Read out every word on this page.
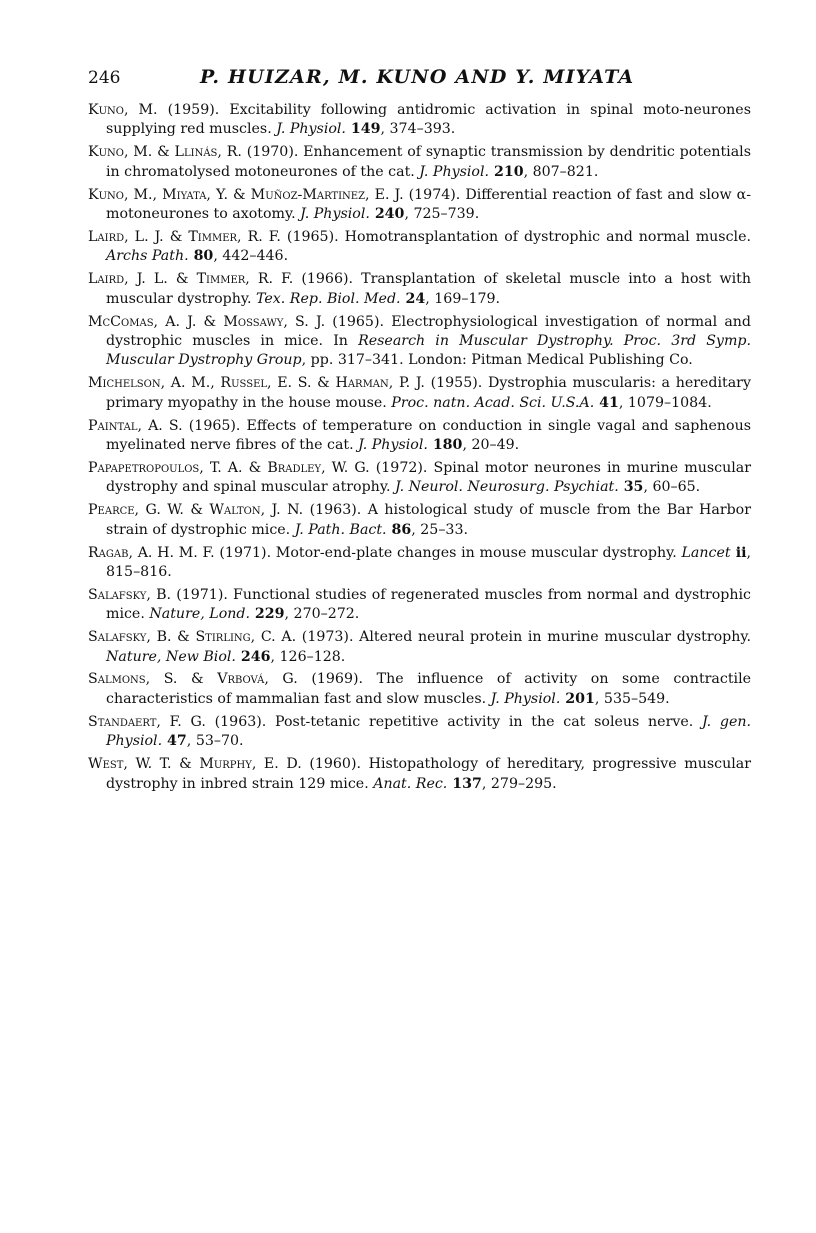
246	P. HUIZAR, M. KUNO AND Y. MIYATA

Kuno, M. (1959). Excitability following antidromic activation in spinal moto-neurones supplying red muscles. J. Physiol. 149, 374–393.

Kuno, M. & Llinás, R. (1970). Enhancement of synaptic transmission by dendritic potentials in chromatolysed motoneurones of the cat. J. Physiol. 210, 807–821.

Kuno, M., Miyata, Y. & Muñoz-Martinez, E. J. (1974). Differential reaction of fast and slow α-motoneurones to axotomy. J. Physiol. 240, 725–739.

Laird, L. J. & Timmer, R. F. (1965). Homotransplantation of dystrophic and normal muscle. Archs Path. 80, 442–446.

Laird, J. L. & Timmer, R. F. (1966). Transplantation of skeletal muscle into a host with muscular dystrophy. Tex. Rep. Biol. Med. 24, 169–179.

McComas, A. J. & Mossawy, S. J. (1965). Electrophysiological investigation of normal and dystrophic muscles in mice. In Research in Muscular Dystrophy. Proc. 3rd Symp. Muscular Dystrophy Group, pp. 317–341. London: Pitman Medical Publishing Co.

Michelson, A. M., Russel, E. S. & Harman, P. J. (1955). Dystrophia muscularis: a hereditary primary myopathy in the house mouse. Proc. natn. Acad. Sci. U.S.A. 41, 1079–1084.

Paintal, A. S. (1965). Effects of temperature on conduction in single vagal and saphenous myelinated nerve fibres of the cat. J. Physiol. 180, 20–49.

Papapetropoulos, T. A. & Bradley, W. G. (1972). Spinal motor neurones in murine muscular dystrophy and spinal muscular atrophy. J. Neurol. Neurosurg. Psychiat. 35, 60–65.

Pearce, G. W. & Walton, J. N. (1963). A histological study of muscle from the Bar Harbor strain of dystrophic mice. J. Path. Bact. 86, 25–33.

Ragab, A. H. M. F. (1971). Motor-end-plate changes in mouse muscular dystrophy. Lancet ii, 815–816.

Salafsky, B. (1971). Functional studies of regenerated muscles from normal and dystrophic mice. Nature, Lond. 229, 270–272.

Salafsky, B. & Stirling, C. A. (1973). Altered neural protein in murine muscular dystrophy. Nature, New Biol. 246, 126–128.

Salmons, S. & Vrbová, G. (1969). The influence of activity on some contractile characteristics of mammalian fast and slow muscles. J. Physiol. 201, 535–549.

Standaert, F. G. (1963). Post-tetanic repetitive activity in the cat soleus nerve. J. gen. Physiol. 47, 53–70.

West, W. T. & Murphy, E. D. (1960). Histopathology of hereditary, progressive muscular dystrophy in inbred strain 129 mice. Anat. Rec. 137, 279–295.
